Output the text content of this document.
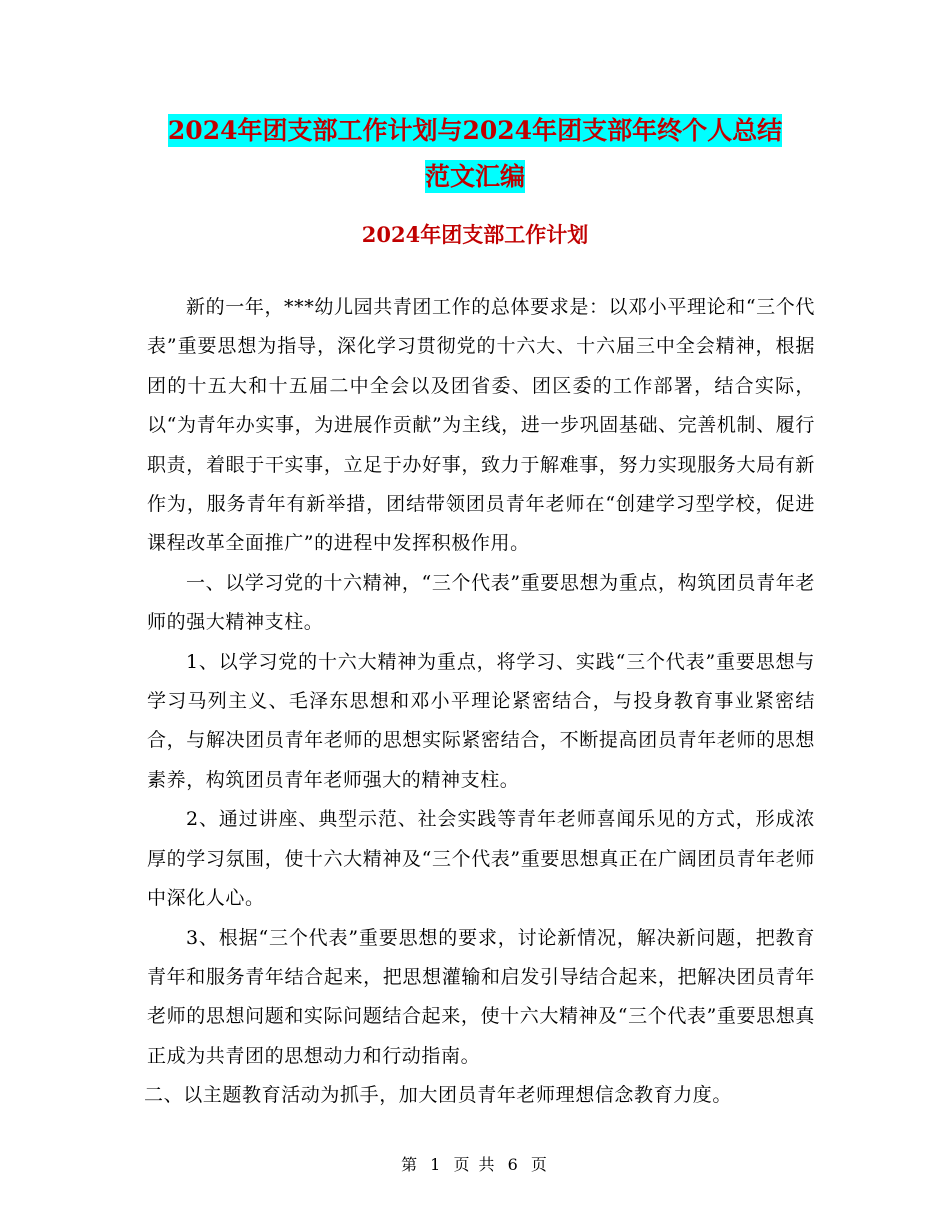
2024年团支部工作计划与2024年团支部年终个人总结
范文汇编
2024年团支部工作计划

新的一年，***幼儿园共青团工作的总体要求是：以邓小平理论和“三个代表”重要思想为指导，深化学习贯彻党的十六大、十六届三中全会精神，根据团的十五大和十五届二中全会以及团省委、团区委的工作部署，结合实际，以“为青年办实事，为进展作贡献”为主线，进一步巩固基础、完善机制、履行职责，着眼于干实事，立足于办好事，致力于解难事，努力实现服务大局有新作为，服务青年有新举措，团结带领团员青年老师在“创建学习型学校，促进课程改革全面推广”的进程中发挥积极作用。

一、以学习党的十六精神，“三个代表”重要思想为重点，构筑团员青年老师的强大精神支柱。

1、以学习党的十六大精神为重点，将学习、实践“三个代表”重要思想与学习马列主义、毛泽东思想和邓小平理论紧密结合，与投身教育事业紧密结合，与解决团员青年老师的思想实际紧密结合，不断提高团员青年老师的思想素养，构筑团员青年老师强大的精神支柱。

2、通过讲座、典型示范、社会实践等青年老师喜闻乐见的方式，形成浓厚的学习氛围，使十六大精神及“三个代表”重要思想真正在广阔团员青年老师中深化人心。

3、根据“三个代表”重要思想的要求，讨论新情况，解决新问题，把教育青年和服务青年结合起来，把思想灌输和启发引导结合起来，把解决团员青年老师的思想问题和实际问题结合起来，使十六大精神及“三个代表”重要思想真正成为共青团的思想动力和行动指南。

二、以主题教育活动为抓手，加大团员青年老师理想信念教育力度。

第 1 页 共 6 页
